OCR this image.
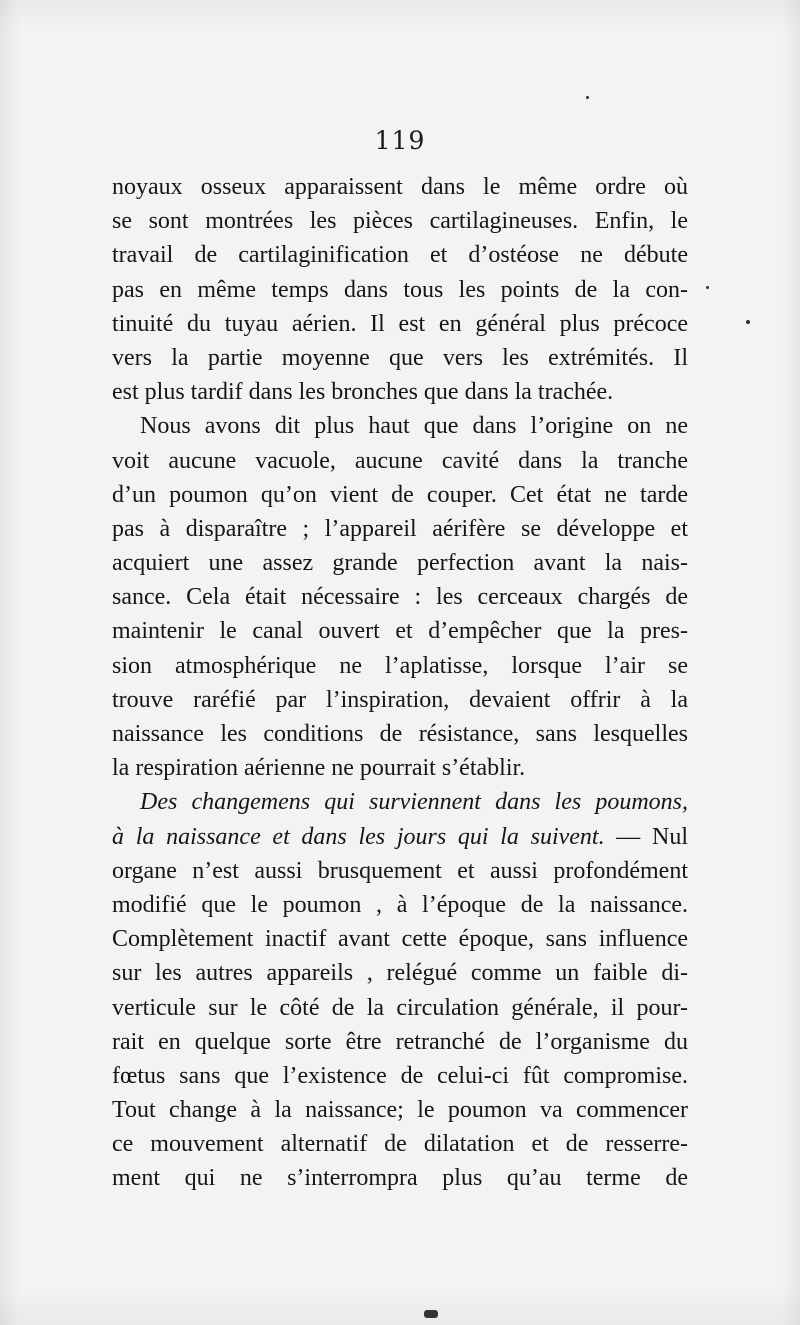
119
noyaux osseux apparaissent dans le même ordre où
se sont montrées les pièces cartilagineuses. Enfin, le
travail de cartilaginification et d’ostéose ne débute
pas en même temps dans tous les points de la con-
tinuité du tuyau aérien. Il est en général plus précoce
vers la partie moyenne que vers les extrémités. Il
est plus tardif dans les bronches que dans la trachée.
Nous avons dit plus haut que dans l’origine on ne
voit aucune vacuole, aucune cavité dans la tranche
d’un poumon qu’on vient de couper. Cet état ne tarde
pas à disparaître ; l’appareil aérifère se développe et
acquiert une assez grande perfection avant la nais-
sance. Cela était nécessaire : les cerceaux chargés de
maintenir le canal ouvert et d’empêcher que la pres-
sion atmosphérique ne l’aplatisse, lorsque l’air se
trouve raréfié par l’inspiration, devaient offrir à la
naissance les conditions de résistance, sans lesquelles
la respiration aérienne ne pourrait s’établir.
Des changemens qui surviennent dans les poumons,
à la naissance et dans les jours qui la suivent. — Nul
organe n’est aussi brusquement et aussi profondément
modifié que le poumon , à l’époque de la naissance.
Complètement inactif avant cette époque, sans influence
sur les autres appareils , relégué comme un faible di-
verticule sur le côté de la circulation générale, il pour-
rait en quelque sorte être retranché de l’organisme du
fœtus sans que l’existence de celui-ci fût compromise.
Tout change à la naissance; le poumon va commencer
ce mouvement alternatif de dilatation et de resserre-
ment qui ne s’interrompra plus qu’au terme de
